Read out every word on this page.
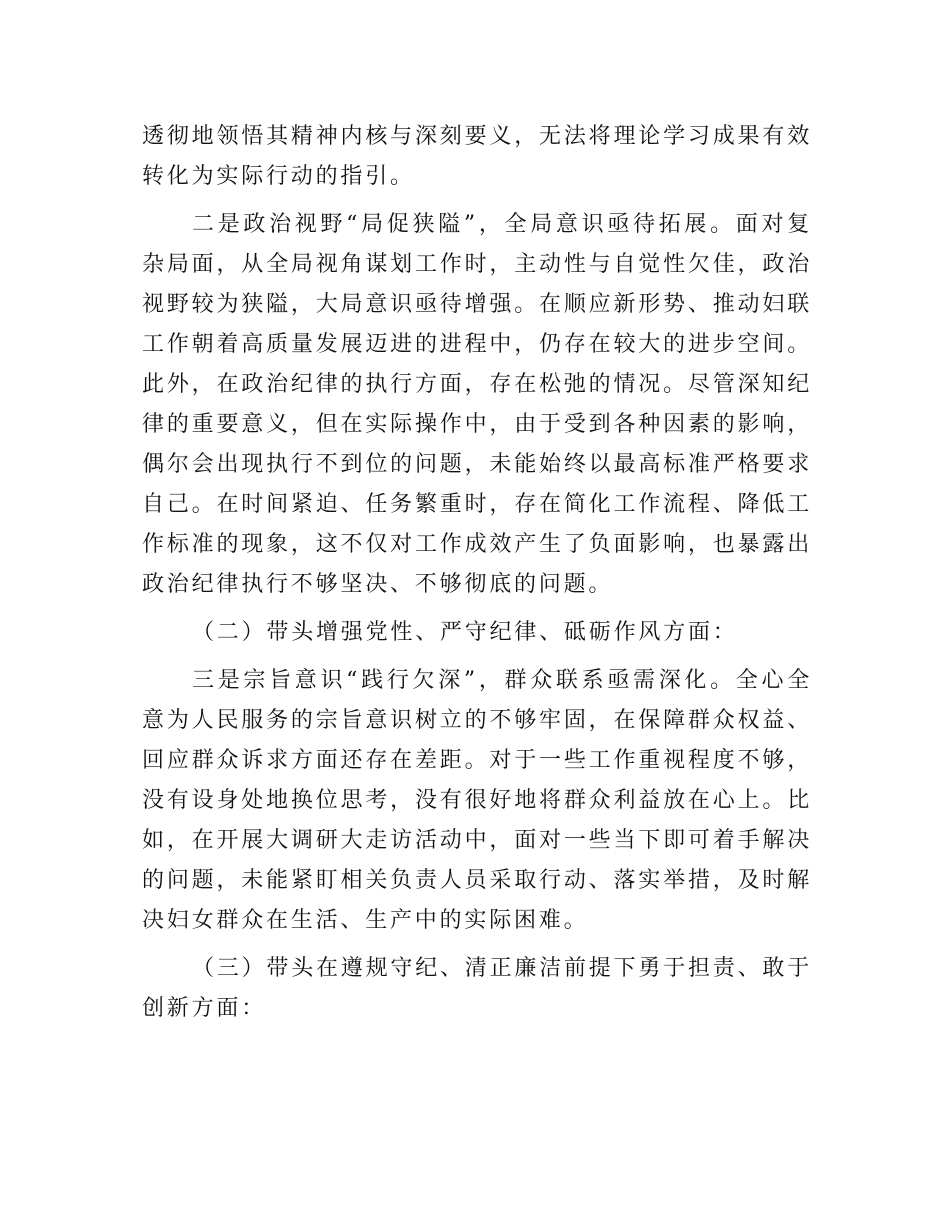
透彻地领悟其精神内核与深刻要义，无法将理论学习成果有效转化为实际行动的指引。

二是政治视野“局促狭隘”，全局意识亟待拓展。面对复杂局面，从全局视角谋划工作时，主动性与自觉性欠佳，政治视野较为狭隘，大局意识亟待增强。在顺应新形势、推动妇联工作朝着高质量发展迈进的进程中，仍存在较大的进步空间。此外，在政治纪律的执行方面，存在松弛的情况。尽管深知纪律的重要意义，但在实际操作中，由于受到各种因素的影响，偶尔会出现执行不到位的问题，未能始终以最高标准严格要求自己。在时间紧迫、任务繁重时，存在简化工作流程、降低工作标准的现象，这不仅对工作成效产生了负面影响，也暴露出政治纪律执行不够坚决、不够彻底的问题。

（二）带头增强党性、严守纪律、砥砺作风方面：

三是宗旨意识“践行欠深”，群众联系亟需深化。全心全意为人民服务的宗旨意识树立的不够牢固，在保障群众权益、回应群众诉求方面还存在差距。对于一些工作重视程度不够，没有设身处地换位思考，没有很好地将群众利益放在心上。比如，在开展大调研大走访活动中，面对一些当下即可着手解决的问题，未能紧盯相关负责人员采取行动、落实举措，及时解决妇女群众在生活、生产中的实际困难。

（三）带头在遵规守纪、清正廉洁前提下勇于担责、敢于创新方面：
